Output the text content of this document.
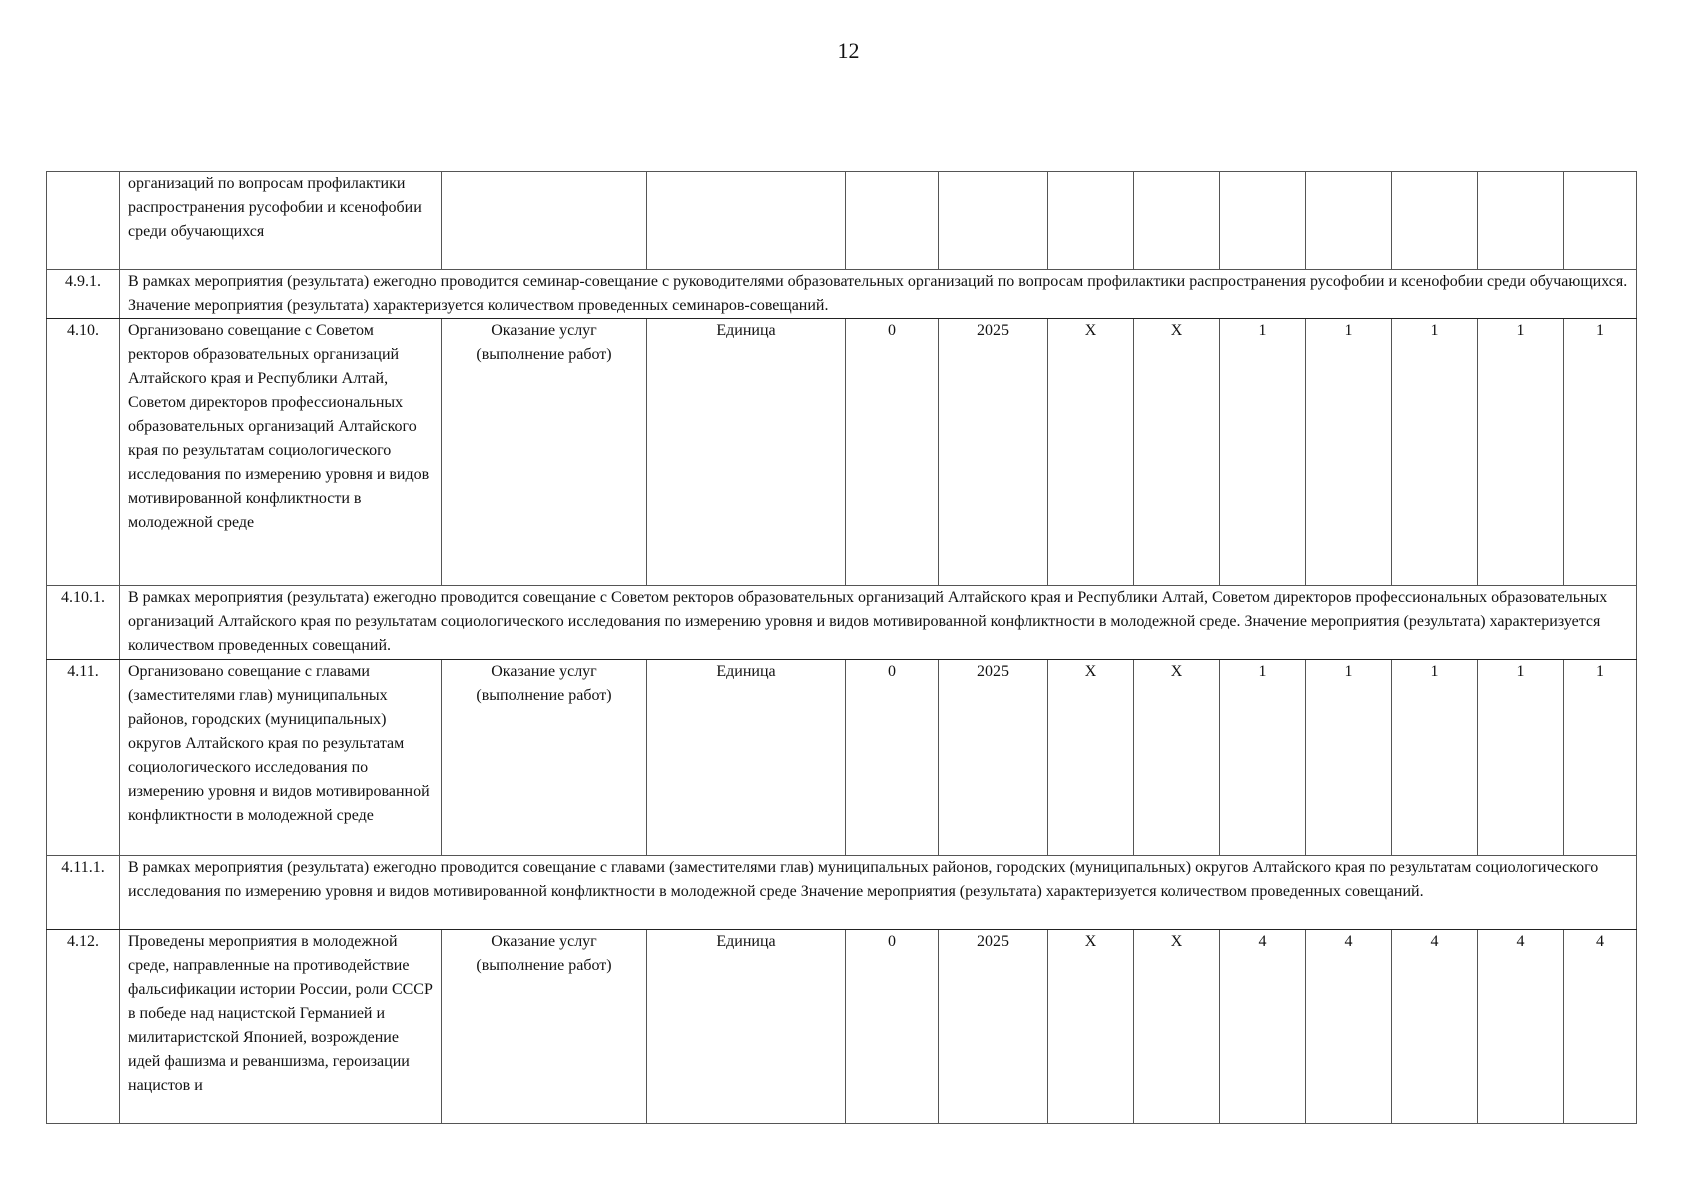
12
	организаций по вопросам профилактики распространения русофобии и ксенофобии среди обучающихся											
4.9.1.	В рамках мероприятия (результата) ежегодно проводится семинар-совещание с руководителями образовательных организаций по вопросам профилактики распространения русофобии и ксенофобии среди обучающихся. Значение мероприятия (результата) характеризуется количеством проведенных семинаров-совещаний.											
4.10.	Организовано совещание с Советом ректоров образовательных организаций Алтайского края и Республики Алтай, Советом директоров профессиональных образовательных организаций Алтайского края по результатам социологического исследования по измерению уровня и видов мотивированной конфликтности в молодежной среде	Оказание услуг (выполнение работ)	Единица	0	2025	X	X	1	1	1	1	1
4.10.1.	В рамках мероприятия (результата) ежегодно проводится совещание с Советом ректоров образовательных организаций Алтайского края и Республики Алтай, Советом директоров профессиональных образовательных организаций Алтайского края по результатам социологического исследования по измерению уровня и видов мотивированной конфликтности в молодежной среде. Значение мероприятия (результата) характеризуется количеством проведенных совещаний.											
4.11.	Организовано совещание с главами (заместителями глав) муниципальных районов, городских (муниципальных) округов Алтайского края по результатам социологического исследования по измерению уровня и видов мотивированной конфликтности в молодежной среде	Оказание услуг (выполнение работ)	Единица	0	2025	X	X	1	1	1	1	1
4.11.1.	В рамках мероприятия (результата) ежегодно проводится совещание с главами (заместителями глав) муниципальных районов, городских (муниципальных) округов Алтайского края по результатам социологического исследования по измерению уровня и видов мотивированной конфликтности в молодежной среде Значение мероприятия (результата) характеризуется количеством проведенных совещаний.											
4.12.	Проведены мероприятия в молодежной среде, направленные на противодействие фальсификации истории России, роли СССР в победе над нацистской Германией и милитаристской Японией, возрождение идей фашизма и реваншизма, героизации нацистов и	Оказание услуг (выполнение работ)	Единица	0	2025	X	X	4	4	4	4	4
